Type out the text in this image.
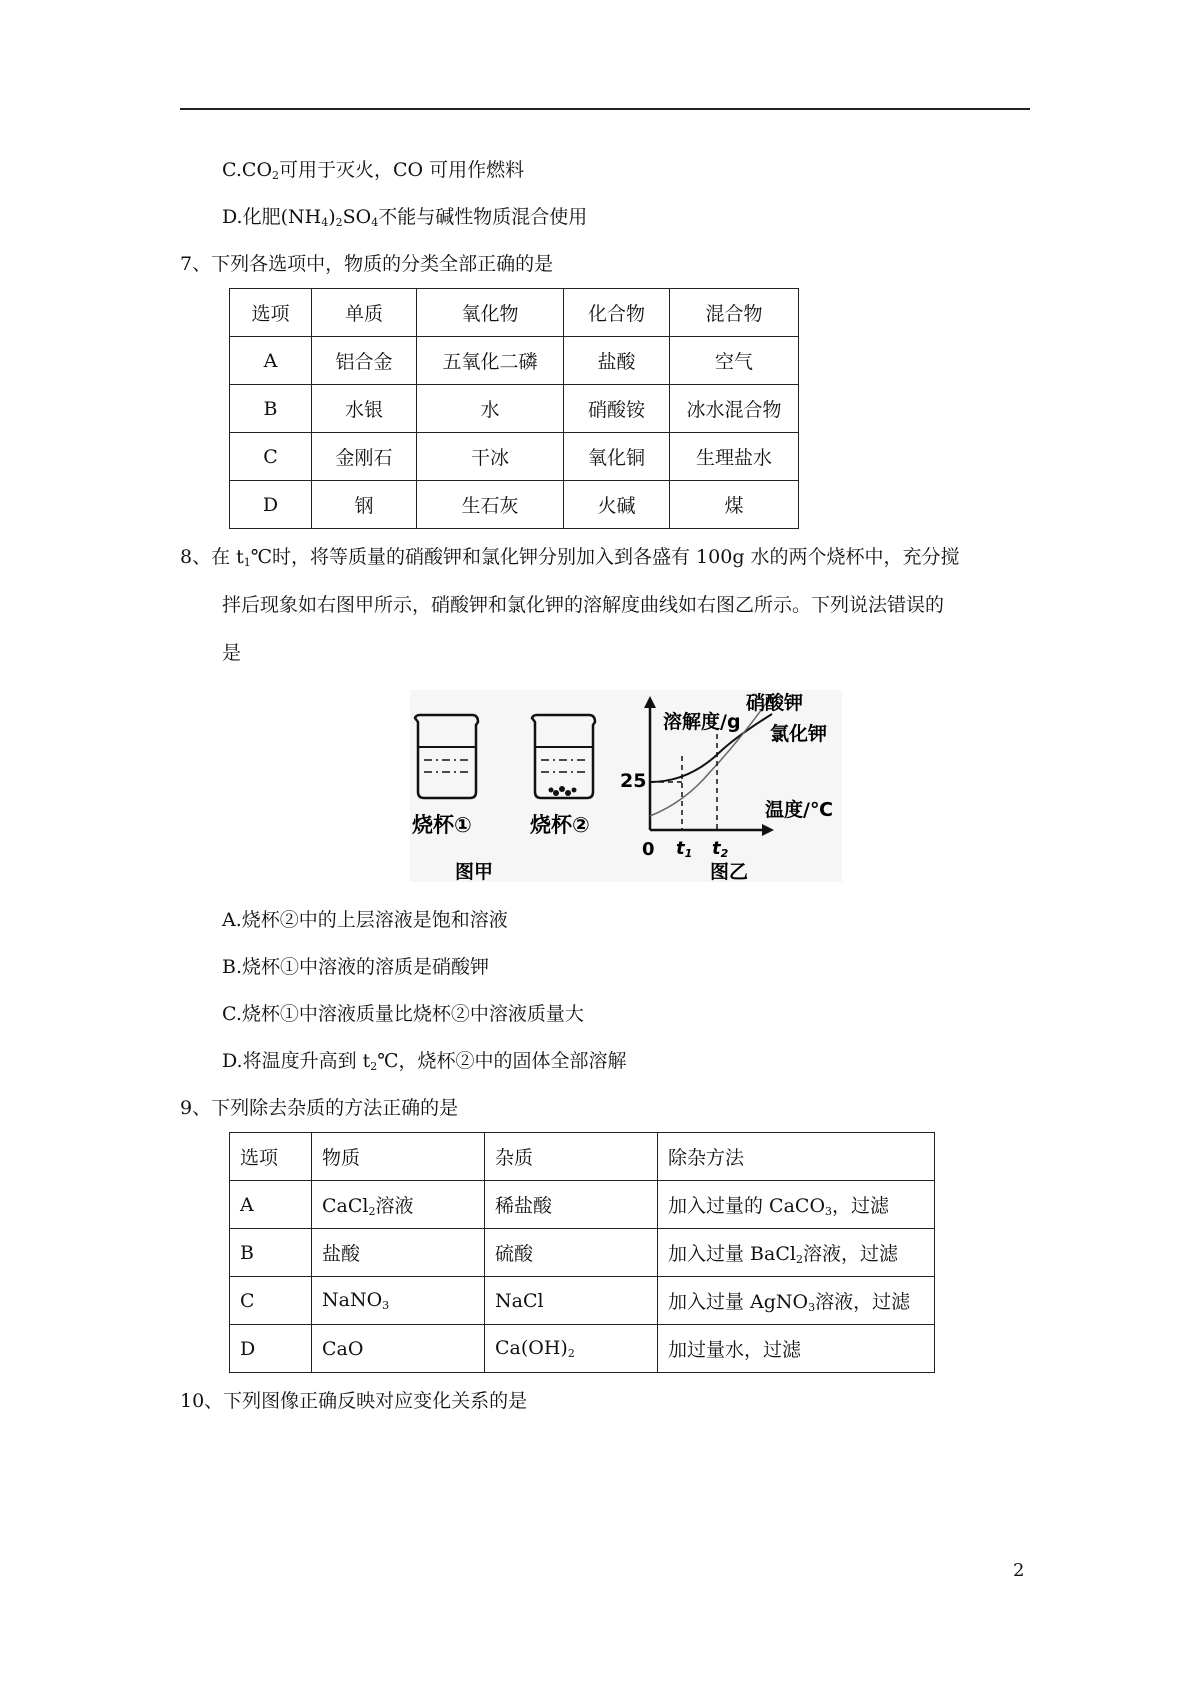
$C.CO_2$可用于灭火，CO 可用作燃料
D.化肥$(NH_4)_2SO_4$不能与碱性物质混合使用
7、下列各选项中，物质的分类全部正确的是
选项	单质	氧化物	化合物	混合物
A	铝合金	五氧化二磷	盐酸	空气
B	水银	水	硝酸铵	冰水混合物
C	金刚石	干冰	氧化铜	生理盐水
D	钢	生石灰	火碱	煤
8、在 $t_1℃$时，将等质量的硝酸钾和氯化钾分别加入到各盛有 100g 水的两个烧杯中，充分搅
拌后现象如右图甲所示，硝酸钾和氯化钾的溶解度曲线如右图乙所示。下列说法错误的
是
烧杯①	烧杯②
图甲
溶解度/g
温度/℃
25
0 t1 t2
硝酸钾
氯化钾
图乙
A.烧杯②中的上层溶液是饱和溶液
B.烧杯①中溶液的溶质是硝酸钾
C.烧杯①中溶液质量比烧杯②中溶液质量大
D.将温度升高到 $t_2℃$，烧杯②中的固体全部溶解
9、下列除去杂质的方法正确的是
选项	物质	杂质	除杂方法
A	CaCl$_2$溶液	稀盐酸	加入过量的 CaCO$_3$，过滤
B	盐酸	硫酸	加入过量 BaCl$_2$溶液，过滤
C	NaNO$_3$	NaCl	加入过量 AgNO$_3$溶液，过滤
D	CaO	$Ca(OH)_2$	加过量水，过滤
10、下列图像正确反映对应变化关系的是
2
